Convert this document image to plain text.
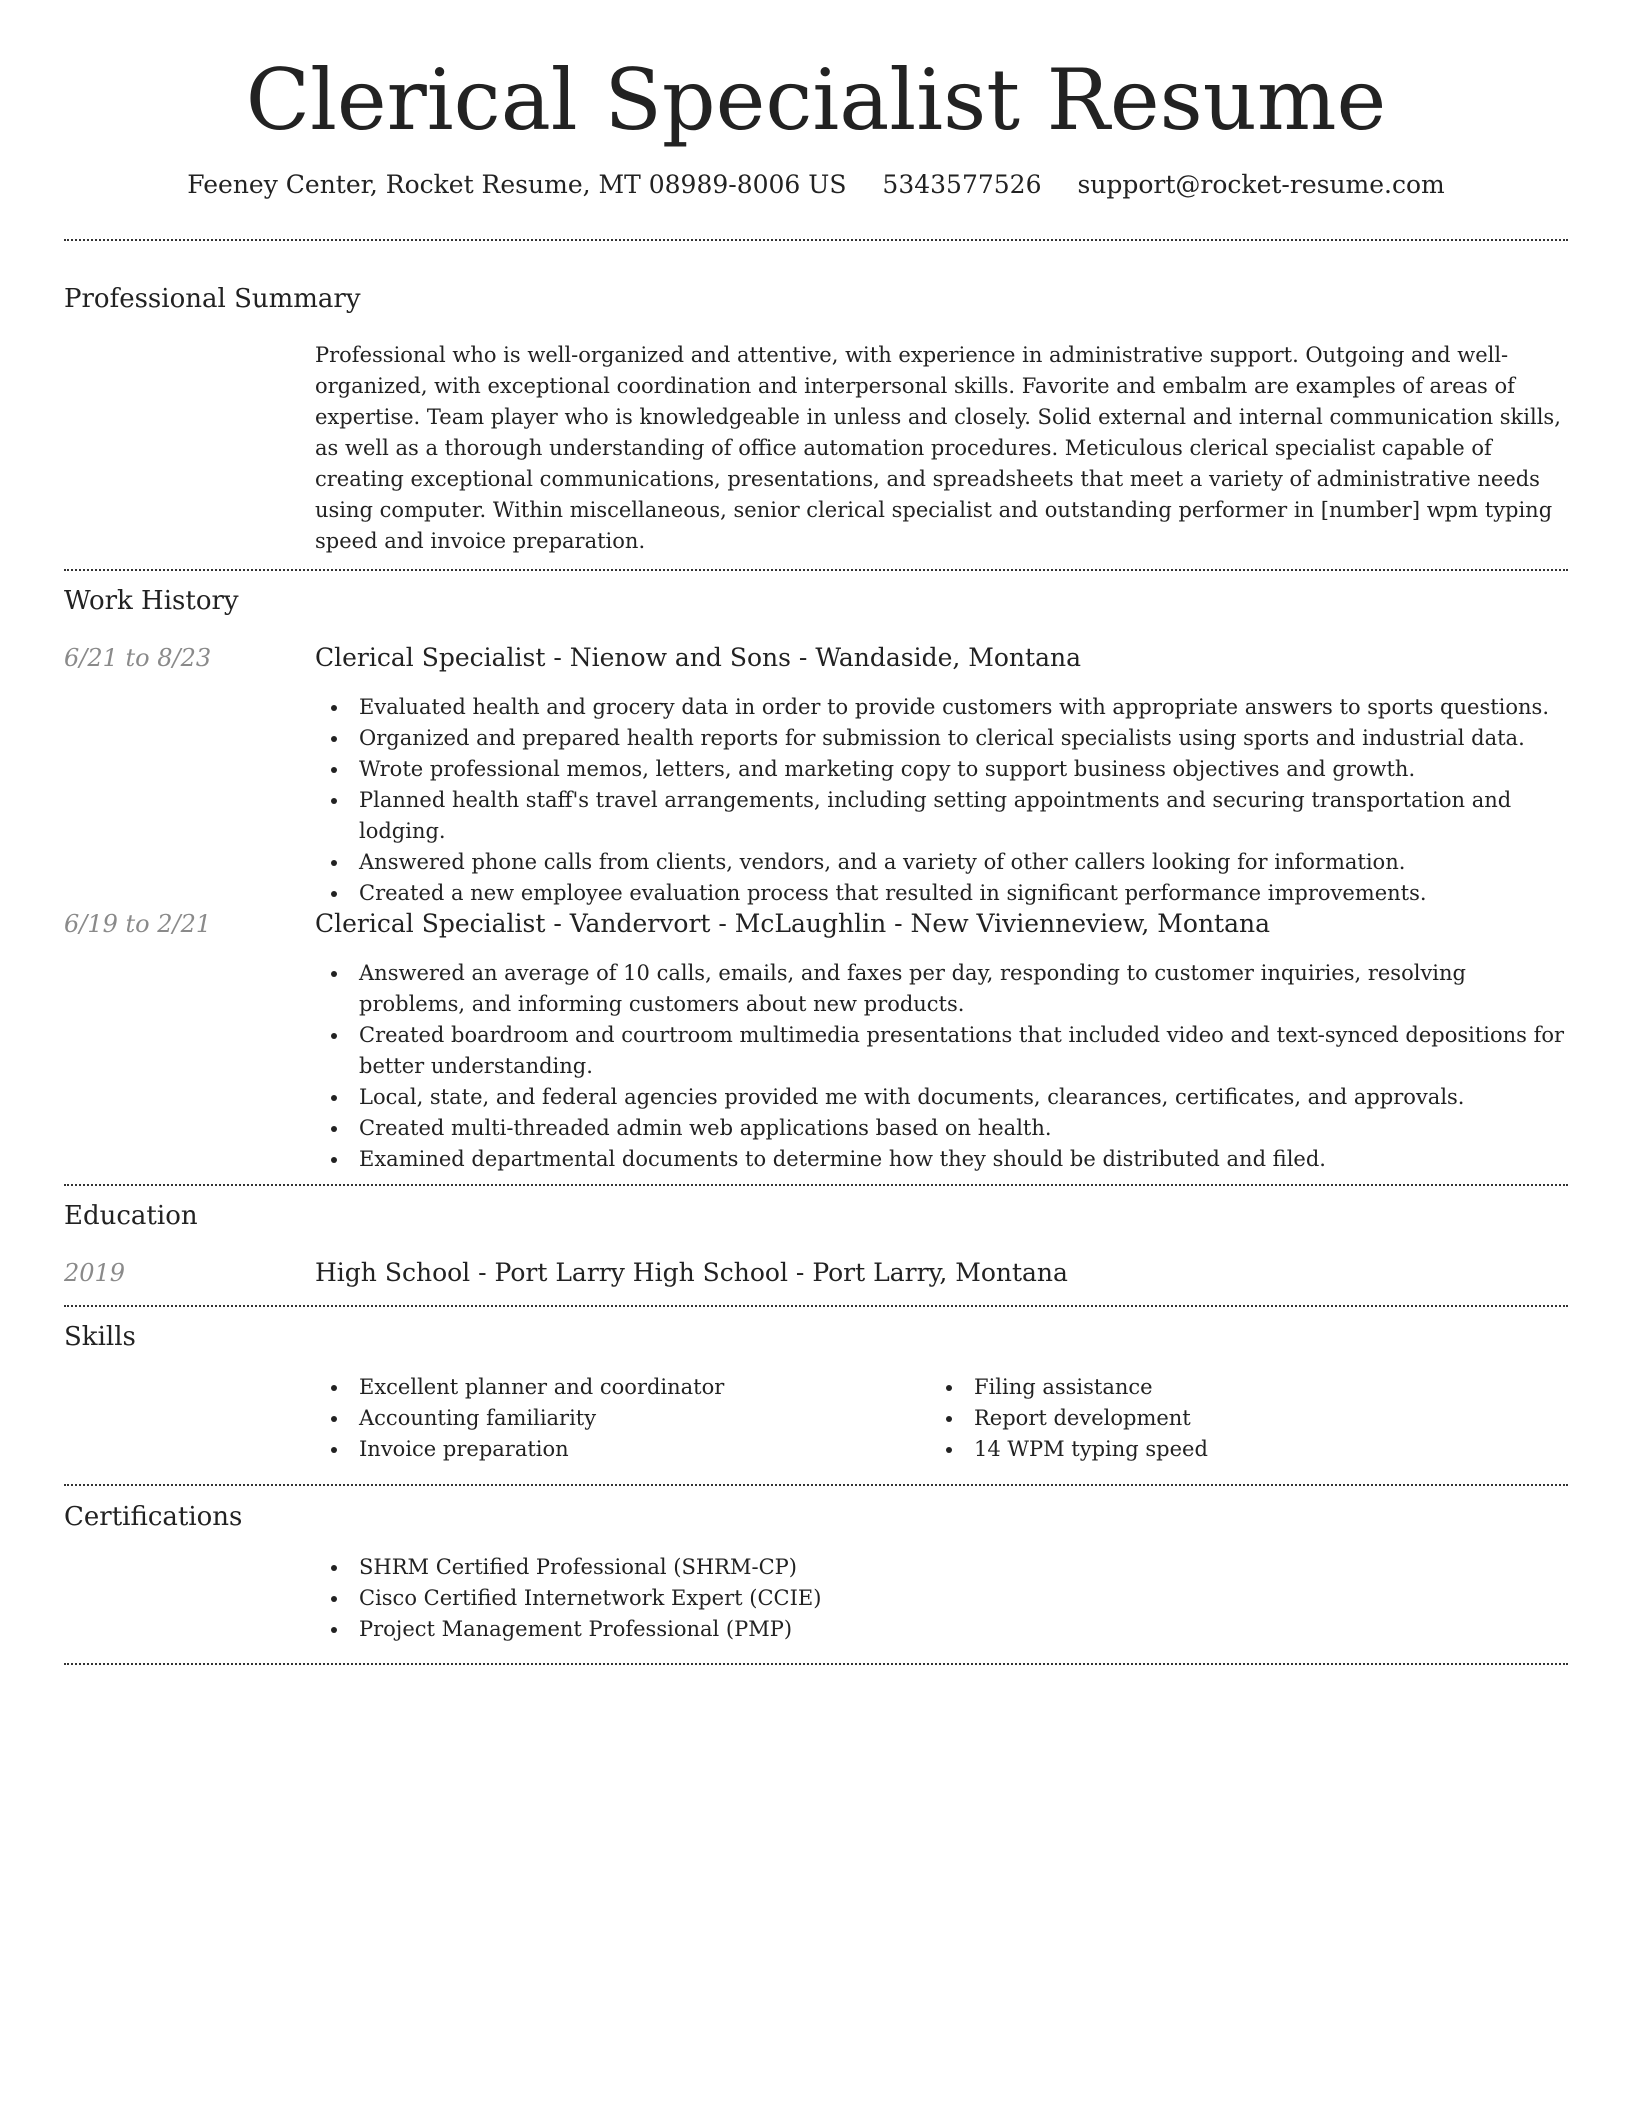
Clerical Specialist Resume
Feeney Center, Rocket Resume, MT 08989-8006 US 5343577526 support@rocket-resume.com
Professional Summary

Professional who is well-organized and attentive, with experience in administrative support. Outgoing and well-organized, with exceptional coordination and interpersonal skills. Favorite and embalm are examples of areas of expertise. Team player who is knowledgeable in unless and closely. Solid external and internal communication skills, as well as a thorough understanding of office automation procedures. Meticulous clerical specialist capable of creating exceptional communications, presentations, and spreadsheets that meet a variety of administrative needs using computer. Within miscellaneous, senior clerical specialist and outstanding performer in [number] wpm typing speed and invoice preparation.

Work History
6/21 to 8/23	Clerical Specialist - Nienow and Sons - Wandaside, Montana
Evaluated health and grocery data in order to provide customers with appropriate answers to sports questions.
Organized and prepared health reports for submission to clerical specialists using sports and industrial data.
Wrote professional memos, letters, and marketing copy to support business objectives and growth.
Planned health staff's travel arrangements, including setting appointments and securing transportation and lodging.
Answered phone calls from clients, vendors, and a variety of other callers looking for information.
Created a new employee evaluation process that resulted in significant performance improvements.
6/19 to 2/21	Clerical Specialist - Vandervort - McLaughlin - New Vivienneview, Montana
Answered an average of 10 calls, emails, and faxes per day, responding to customer inquiries, resolving problems, and informing customers about new products.
Created boardroom and courtroom multimedia presentations that included video and text-synced depositions for better understanding.
Local, state, and federal agencies provided me with documents, clearances, certificates, and approvals.
Created multi-threaded admin web applications based on health.
Examined departmental documents to determine how they should be distributed and filed.
Education
2019	High School - Port Larry High School - Port Larry, Montana
Skills
Excellent planner and coordinator
Accounting familiarity
Invoice preparation
Filing assistance
Report development
14 WPM typing speed
Certifications
SHRM Certified Professional (SHRM-CP)
Cisco Certified Internetwork Expert (CCIE)
Project Management Professional (PMP)
